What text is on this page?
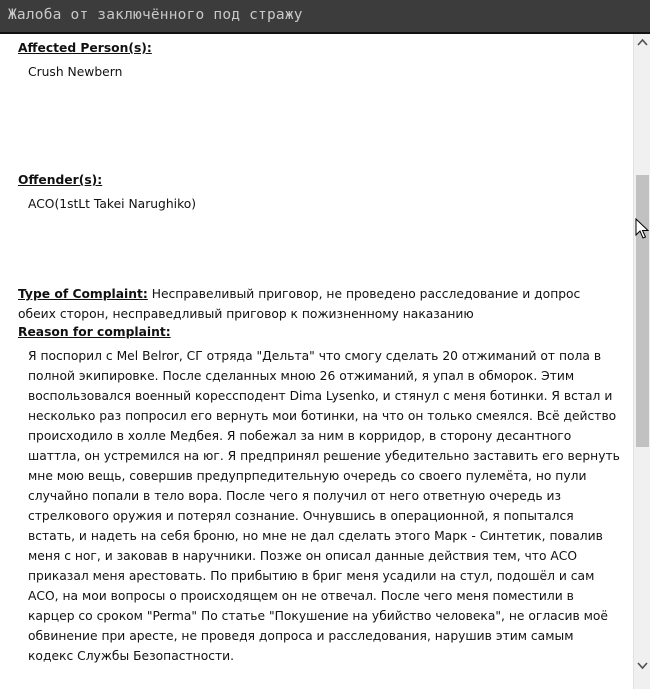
Жалоба от заключённого под стражу
Affected Person(s):
Crush Newbern
Offender(s):
ACO(1stLt Takei Narughiko)
Type of Complaint: Несправеливый приговор, не проведено расследование и допрос обеих сторон, несправедливый приговор к пожизненному наказанию
Reason for complaint:
Я поспорил с Mel Belror, СГ отряда "Дельта" что смогу сделать 20 отжиманий от пола в полной экипировке. После сделанных мною 26 отжиманий, я упал в обморок. Этим воспользовался военный корессподент Dima Lysenko, и стянул с меня ботинки. Я встал и несколько раз попросил его вернуть мои ботинки, на что он только смеялся. Всё действо происходило в холле Медбея. Я побежал за ним в корридор, в сторону десантного шаттла, он устремился на юг. Я предпринял решение убедительно заставить его вернуть мне мою вещь, совершив предупрпедительную очередь со своего пулемёта, но пули случайно попали в тело вора. После чего я получил от него ответную очередь из стрелкового оружия и потерял сознание. Очнувшись в операционной, я попытался встать, и надеть на себя броню, но мне не дал сделать этого Марк - Синтетик, повалив меня с ног, и заковав в наручники. Позже он описал данные действия тем, что АСО приказал меня арестовать. По прибытию в бриг меня усадили на стул, подошёл и сам АСО, на мои вопросы о происходящем он не отвечал. После чего меня поместили в карцер со сроком "Perma" По статье "Покушение на убийство человека", не огласив моё обвинение при аресте, не проведя допроса и расследования, нарушив этим самым кодекс Службы Безопастности.
